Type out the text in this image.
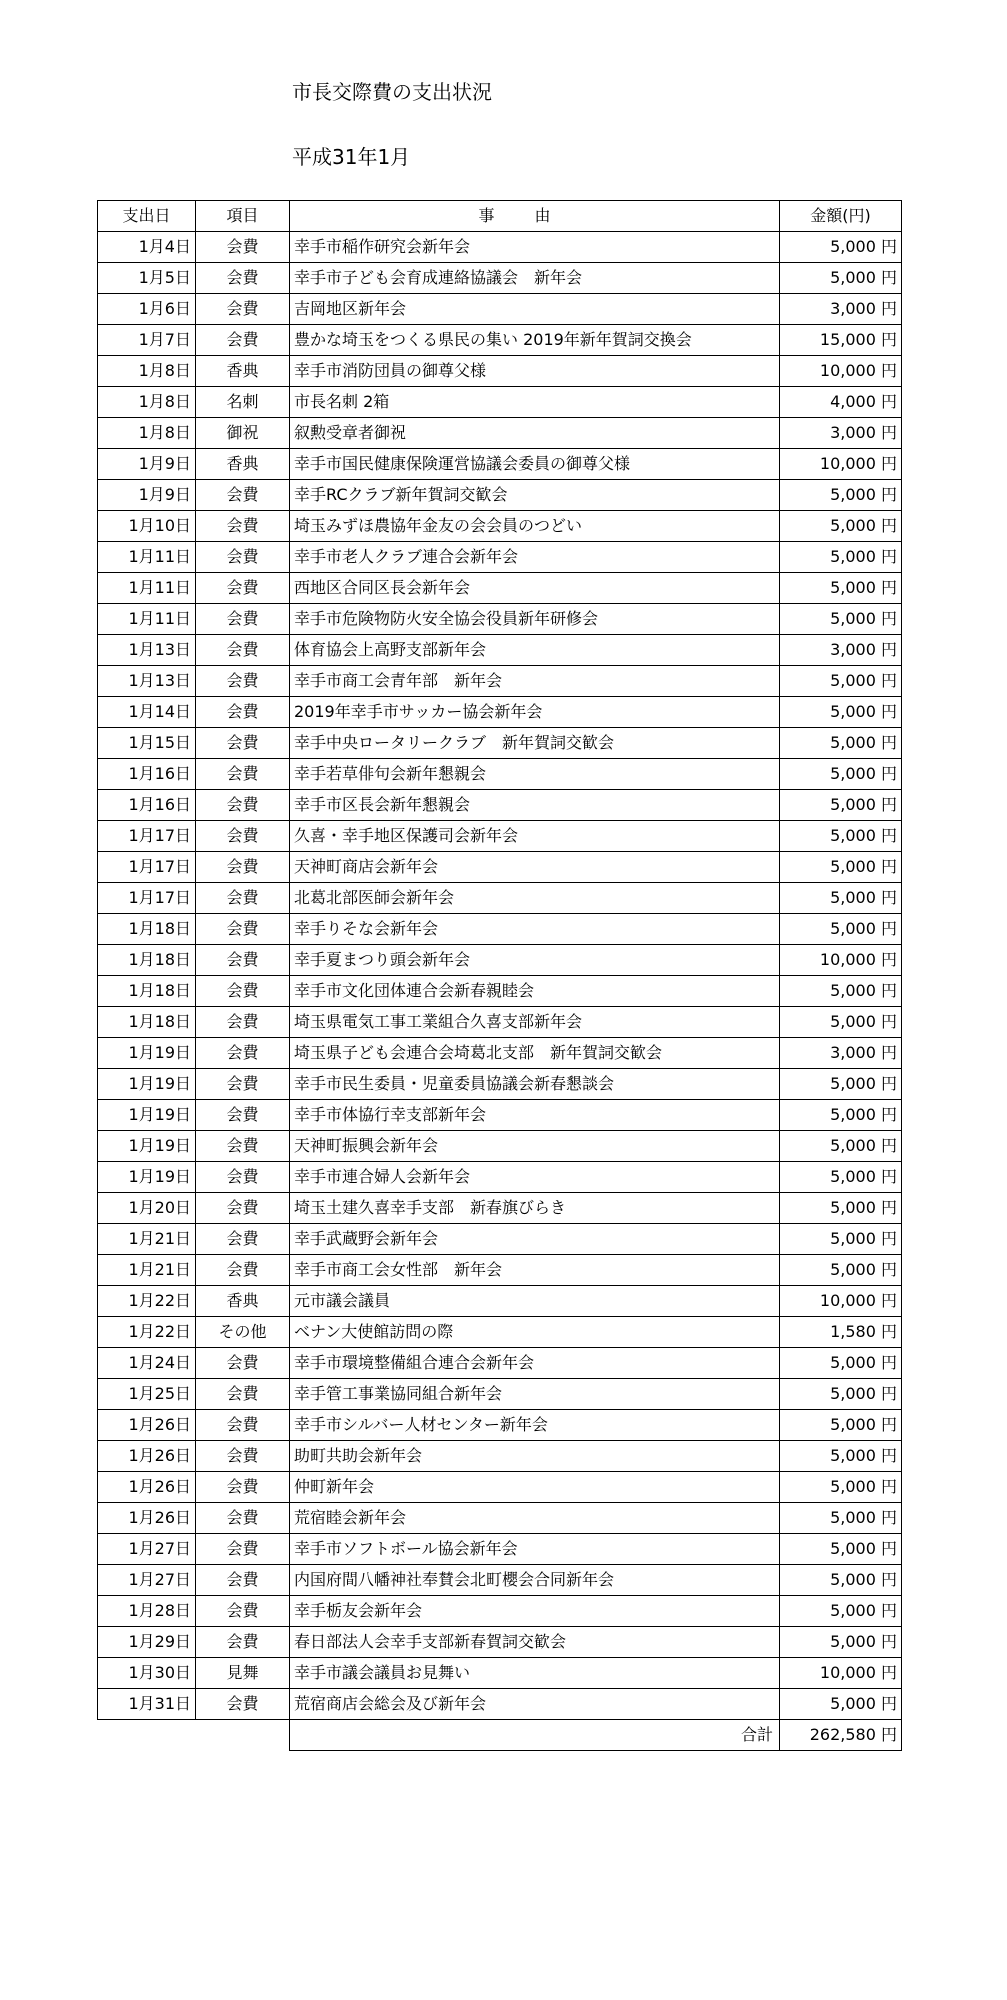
市長交際費の支出状況
平成31年1月
支出日	項目	事由	金額(円)
1月4日	会費	幸手市稲作研究会新年会	5,000 円
1月5日	会費	幸手市子ども会育成連絡協議会　新年会	5,000 円
1月6日	会費	吉岡地区新年会	3,000 円
1月7日	会費	豊かな埼玉をつくる県民の集い 2019年新年賀詞交換会	15,000 円
1月8日	香典	幸手市消防団員の御尊父様	10,000 円
1月8日	名刺	市長名刺 2箱	4,000 円
1月8日	御祝	叙勲受章者御祝	3,000 円
1月9日	香典	幸手市国民健康保険運営協議会委員の御尊父様	10,000 円
1月9日	会費	幸手RCクラブ新年賀詞交歓会	5,000 円
1月10日	会費	埼玉みずほ農協年金友の会会員のつどい	5,000 円
1月11日	会費	幸手市老人クラブ連合会新年会	5,000 円
1月11日	会費	西地区合同区長会新年会	5,000 円
1月11日	会費	幸手市危険物防火安全協会役員新年研修会	5,000 円
1月13日	会費	体育協会上高野支部新年会	3,000 円
1月13日	会費	幸手市商工会青年部　新年会	5,000 円
1月14日	会費	2019年幸手市サッカー協会新年会	5,000 円
1月15日	会費	幸手中央ロータリークラブ　新年賀詞交歓会	5,000 円
1月16日	会費	幸手若草俳句会新年懇親会	5,000 円
1月16日	会費	幸手市区長会新年懇親会	5,000 円
1月17日	会費	久喜・幸手地区保護司会新年会	5,000 円
1月17日	会費	天神町商店会新年会	5,000 円
1月17日	会費	北葛北部医師会新年会	5,000 円
1月18日	会費	幸手りそな会新年会	5,000 円
1月18日	会費	幸手夏まつり頭会新年会	10,000 円
1月18日	会費	幸手市文化団体連合会新春親睦会	5,000 円
1月18日	会費	埼玉県電気工事工業組合久喜支部新年会	5,000 円
1月19日	会費	埼玉県子ども会連合会埼葛北支部　新年賀詞交歓会	3,000 円
1月19日	会費	幸手市民生委員・児童委員協議会新春懇談会	5,000 円
1月19日	会費	幸手市体協行幸支部新年会	5,000 円
1月19日	会費	天神町振興会新年会	5,000 円
1月19日	会費	幸手市連合婦人会新年会	5,000 円
1月20日	会費	埼玉土建久喜幸手支部　新春旗びらき	5,000 円
1月21日	会費	幸手武蔵野会新年会	5,000 円
1月21日	会費	幸手市商工会女性部　新年会	5,000 円
1月22日	香典	元市議会議員	10,000 円
1月22日	その他	ベナン大使館訪問の際	1,580 円
1月24日	会費	幸手市環境整備組合連合会新年会	5,000 円
1月25日	会費	幸手管工事業協同組合新年会	5,000 円
1月26日	会費	幸手市シルバー人材センター新年会	5,000 円
1月26日	会費	助町共助会新年会	5,000 円
1月26日	会費	仲町新年会	5,000 円
1月26日	会費	荒宿睦会新年会	5,000 円
1月27日	会費	幸手市ソフトボール協会新年会	5,000 円
1月27日	会費	内国府間八幡神社奉賛会北町櫻会合同新年会	5,000 円
1月28日	会費	幸手栃友会新年会	5,000 円
1月29日	会費	春日部法人会幸手支部新春賀詞交歓会	5,000 円
1月30日	見舞	幸手市議会議員お見舞い	10,000 円
1月31日	会費	荒宿商店会総会及び新年会	5,000 円
		合計	262,580 円
